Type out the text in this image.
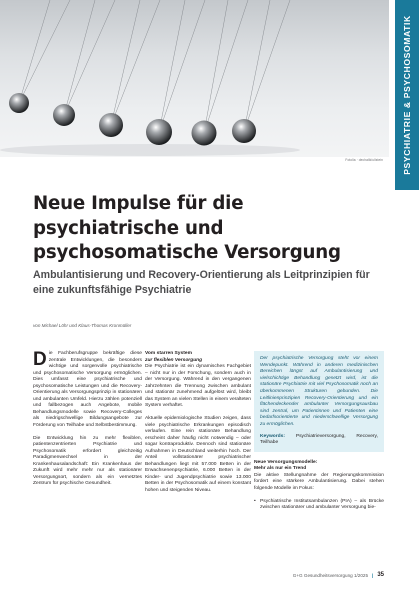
Fotolia · dechalik/ullstein PSYCHIATRIE & PSYCHOSOMATIK
Neue Impulse für die psychiatrische und psychosomatische Versorgung
Ambulantisierung und Recovery-Orientierung als Leitprinzipien für eine zukunftsfähige Psychiatrie
von Michael Löhr und Klaus-Thomas Kronmüller

Die Fachberufsgruppe bekräftige diese zentrale Entwicklungen, die besonders wichtige und sorgenvolle psychiatrische und psychosomatische Versorgung ermöglichen. Dies umfasst eine psychiatrische und psychosomatische Leistungen und die Recovery-Orientierung als Versorgungsprinzip in stationären und ambulanten Umfeld. Hierzu zählen potenziell und fallbezogen auch Angebote, mobile Behandlungsmodelle sowie Recovery-Colleges als niedrigschwellige Bildungsangebote zur Förderung von Teilhabe und Selbstbestimmung.

Die Entwicklung hin zu mehr flexiblen, patientenzentrierten Psychiatrie und Psychosomatik erfordert gleichzeitig Paradigmenwechsel in der Krankenhausalandschaft: Ein Krankenhaus der Zukunft wird mehr mehr nur als stationärer Versorgungsort, sondern als ein vernetztes Zentrum für psychische Gesundheit.

Vom starren System
zur flexiblen Versorgung

Die Psychiatrie ist ein dynamisches Fachgebiet – nicht nur in der Forschung, sondern auch in der Versorgung. Während in den vergangenen Jahrzehnten die Trennung zwischen ambulant und stationär zunehmend aufgelöst wird, bleibt das System an vielen Stellen in einem veralteten System verhaftet.

Aktuelle epidemiologische Studien zeigen, dass viele psychiatrische Erkrankungen episodisch verlaufen. Eine rein stationäre Behandlung erscheint daher häufig nicht notwendig – oder sogar kontraproduktiv. Dennoch sind stationäre Aufnahmen in Deutschland weiterhin hoch. Der Anteil vollstationärer psychiatrischer Behandlungen liegt mit 57.000 Betten in der Erwachsenenpsychiatrie, 6.000 Betten in der Kinder- und Jugendpsychiatrie sowie 13.000 Betten in der Psychosomatik auf einem konstant hohen und steigenden Niveau.

Der psychiatrische Versorgung steht vor einem Wendepunkt. Während in anderen medizinischen Bereichen längst auf Ambulantisierung und vielschichtige Behandlung gesetzt wird, ist die stationäre Psychiatrie mit viel Psychosomatik noch an überkommenen Strukturen gebunden. Die Leitlinienprinzipien Recovery-Orientierung und ein flächendeckender ambulanter Versorgungsausbau sind zentral, um Patientinnen und Patienten eine bedarfsorientierte und niederschwellige Versorgung zu ermöglichen.

Keywords: Psychiatrieversorgung, Recovery, Teilhabe

Neue Versorgungsmodelle:
Mehr als nur ein Trend

Die aktive Stellungnahme der Regierungskommission fordert eine stärkere Ambulantisierung. Dabei stehen folgende Modelle im Fokus:

• Psychiatrische Institutsambulanzen (PIA) – als Brücke zwischen stationärer und ambulanter Versorgung bie-
G+G Gesundheitsversorgung 1/2025 | 35
